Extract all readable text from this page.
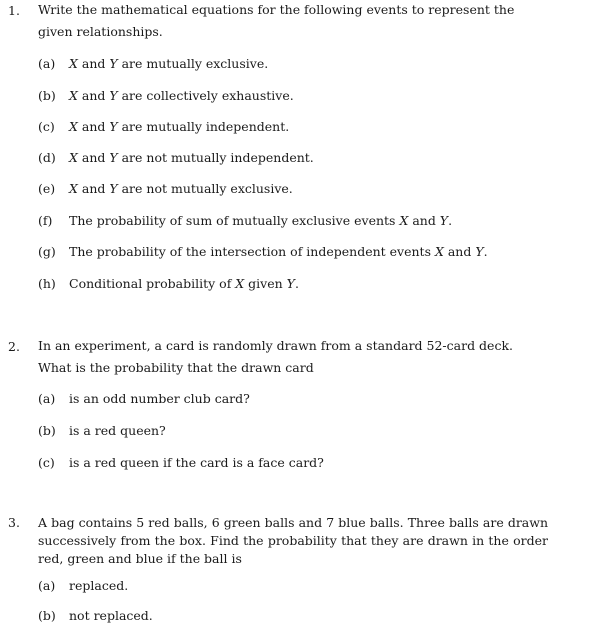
1. Write the mathematical equations for the following events to represent the given relationships.
(a) X and Y are mutually exclusive.
(b) X and Y are collectively exhaustive.
(c) X and Y are mutually independent.
(d) X and Y are not mutually independent.
(e) X and Y are not mutually exclusive.
(f) The probability of sum of mutually exclusive events X and Y.
(g) The probability of the intersection of independent events X and Y.
(h) Conditional probability of X given Y.
2. In an experiment, a card is randomly drawn from a standard 52-card deck. What is the probability that the drawn card
(a) is an odd number club card?
(b) is a red queen?
(c) is a red queen if the card is a face card?
3. A bag contains 5 red balls, 6 green balls and 7 blue balls. Three balls are drawn successively from the box. Find the probability that they are drawn in the order red, green and blue if the ball is
(a) replaced.
(b) not replaced.
